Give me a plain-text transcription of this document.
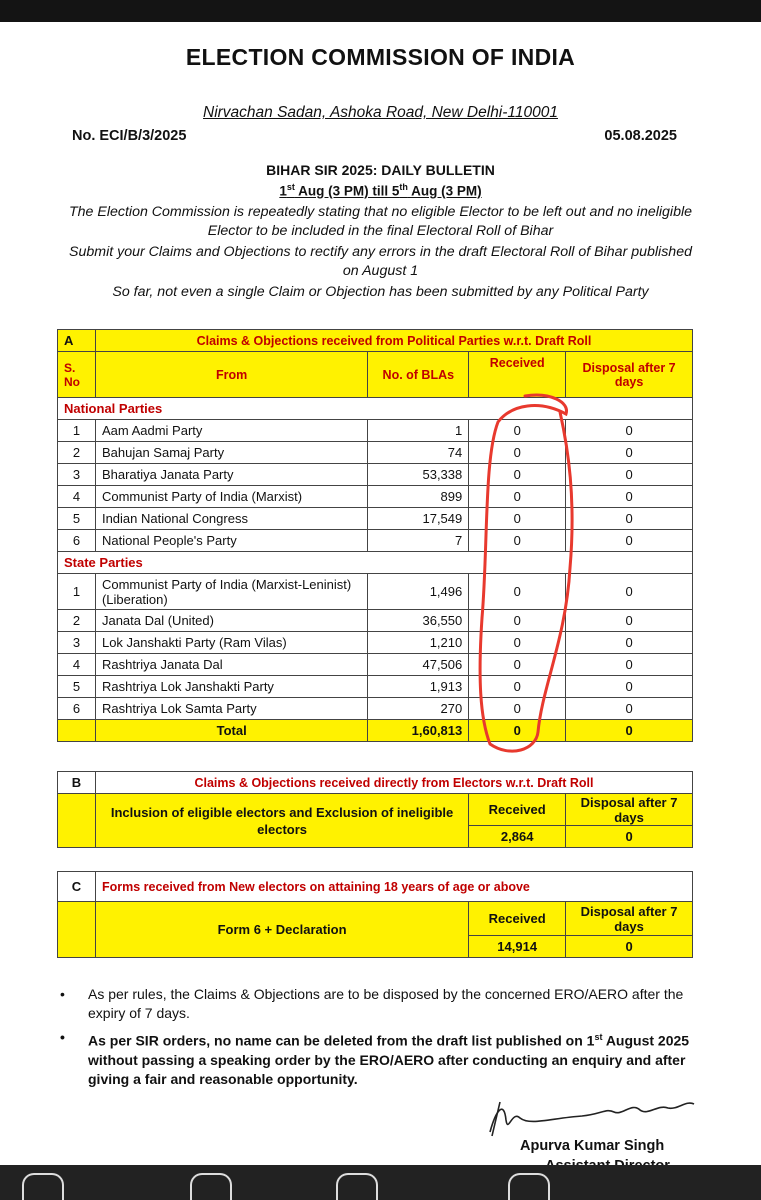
ELECTION COMMISSION OF INDIA
Nirvachan Sadan, Ashoka Road, New Delhi-110001
No. ECI/B/3/2025	05.08.2025
BIHAR SIR 2025: DAILY BULLETIN
1st Aug (3 PM) till 5th Aug (3 PM)
The Election Commission is repeatedly stating that no eligible Elector to be left out and no ineligible Elector to be included in the final Electoral Roll of Bihar
Submit your Claims and Objections to rectify any errors in the draft Electoral Roll of Bihar published on August 1
So far, not even a single Claim or Objection has been submitted by any Political Party
A	Claims & Objections received from Political Parties w.r.t. Draft Roll			
S. No	From	No. of BLAs	Received	Disposal after 7 days
National Parties				
1	Aam Aadmi Party	1	0	0
2	Bahujan Samaj Party	74	0	0
3	Bharatiya Janata Party	53,338	0	0
4	Communist Party of India (Marxist)	899	0	0
5	Indian National Congress	17,549	0	0
6	National People's Party	7	0	0
State Parties				
1	Communist Party of India (Marxist-Leninist) (Liberation)	1,496	0	0
2	Janata Dal (United)	36,550	0	0
3	Lok Janshakti Party (Ram Vilas)	1,210	0	0
4	Rashtriya Janata Dal	47,506	0	0
5	Rashtriya Lok Janshakti Party	1,913	0	0
6	Rashtriya Lok Samta Party	270	0	0
	Total	1,60,813	0	0
B	Claims & Objections received directly from Electors w.r.t. Draft Roll		
	Inclusion of eligible electors and Exclusion of ineligible electors	Received	Disposal after 7 days
		2,864	0
C	Forms received from New electors on attaining 18 years of age or above		
	Form 6 + Declaration	Received	Disposal after 7 days
		14,914	0
• As per rules, the Claims & Objections are to be disposed by the concerned ERO/AERO after the expiry of 7 days.

• As per SIR orders, no name can be deleted from the draft list published on 1st August 2025 without passing a speaking order by the ERO/AERO after conducting an enquiry and after giving a fair and reasonable opportunity.

Apurva Kumar Singh
